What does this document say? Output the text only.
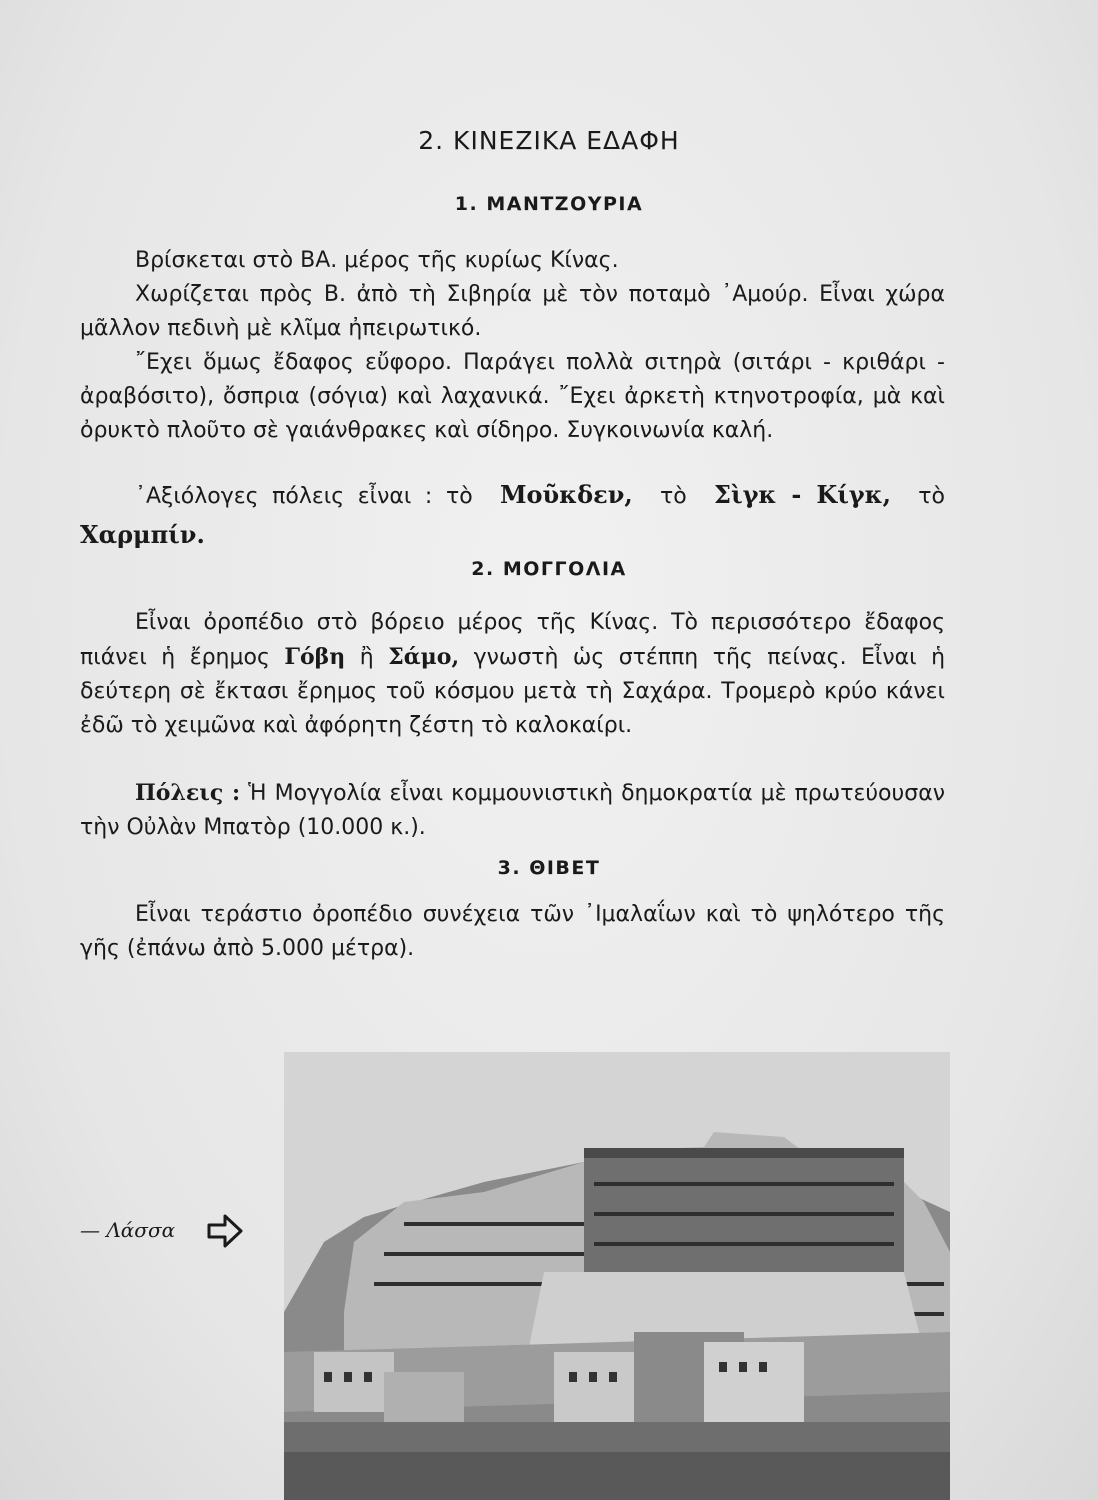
2. ΚΙΝΕΖΙΚΑ ΕΔΑΦΗ
1. ΜΑΝΤΖΟΥΡΙΑ
Βρίσκεται στὸ ΒΑ. μέρος τῆς κυρίως Κίνας.
Χωρίζεται πρὸς Β. ἀπὸ τὴ Σιβηρία μὲ τὸν ποταμὸ ᾿Αμούρ. Εἶναι χώρα μᾶλλον πεδινὴ μὲ κλῖμα ἠπειρωτικό.
῎Εχει ὅμως ἔδαφος εὔφορο. Παράγει πολλὰ σιτηρὰ (σιτάρι - κριθάρι - ἀραβόσιτο), ὄσπρια (σόγια) καὶ λαχανικά. ῎Εχει ἀρκετὴ κτηνοτροφία, μὰ καὶ ὀρυκτὸ πλοῦτο σὲ γαιάνθρακες καὶ σίδηρο. Συγκοινωνία καλή.
᾿Αξιόλογες πόλεις εἶναι : τὸ Μοῦκδεν, τὸ Σὶγκ - Κίγκ, τὸ Χαρμπίν.
2. ΜΟΓΓΟΛΙΑ
Εἶναι ὀροπέδιο στὸ βόρειο μέρος τῆς Κίνας. Τὸ περισσότερο ἔδαφος πιάνει ἡ ἔρημος Γόβη ἢ Σάμο, γνωστὴ ὡς στέππη τῆς πείνας. Εἶναι ἡ δεύτερη σὲ ἔκτασι ἔρημος τοῦ κόσμου μετὰ τὴ Σαχάρα. Τρομερὸ κρύο κάνει ἐδῶ τὸ χειμῶνα καὶ ἀφόρητη ζέστη τὸ καλοκαίρι.
Πόλεις : Ἡ Μογγολία εἶναι κομμουνιστικὴ δημοκρατία μὲ πρωτεύουσαν τὴν Οὐλὰν Μπατὸρ (10.000 κ.).
3. ΘΙΒΕΤ
Εἶναι τεράστιο ὀροπέδιο συνέχεια τῶν ᾿Ιμαλαΐων καὶ τὸ ψηλότερο τῆς γῆς (ἐπάνω ἀπὸ 5.000 μέτρα).
— Λάσσα
